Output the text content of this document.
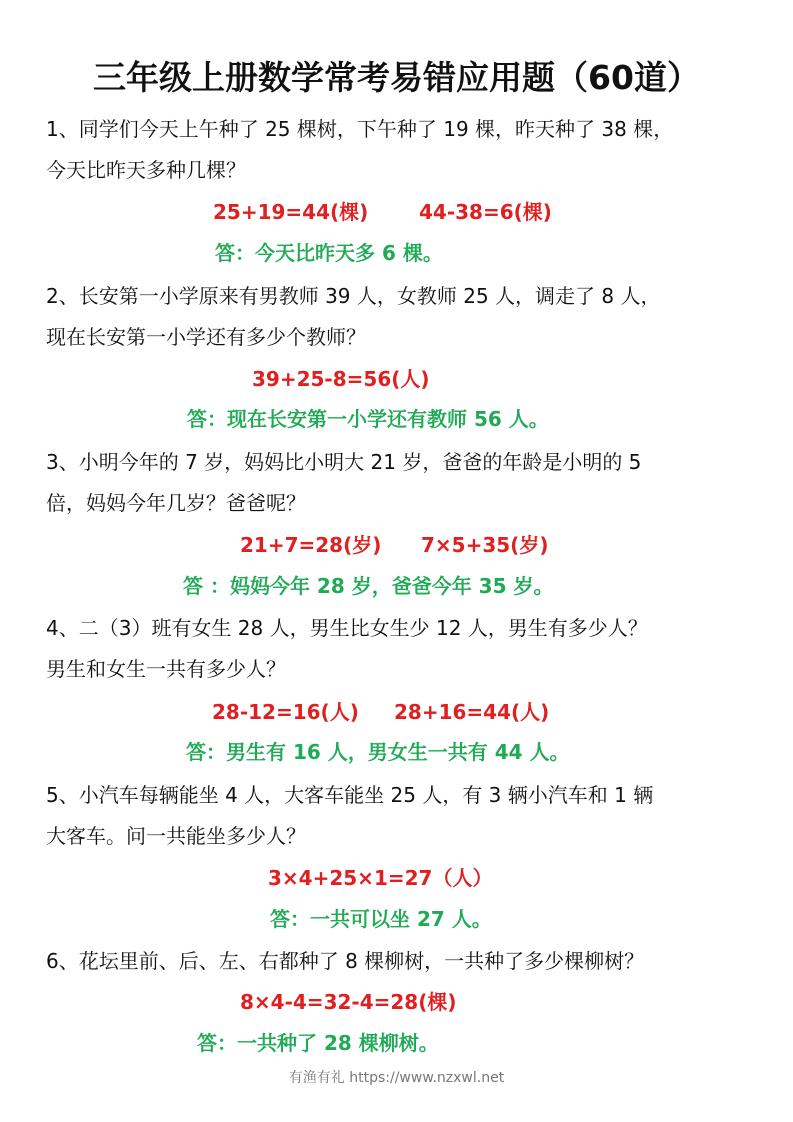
三年级上册数学常考易错应用题（60道）
1、同学们今天上午种了 25 棵树，下午种了 19 棵，昨天种了 38 棵，
今天比昨天多种几棵？
25+19=44(棵)	44-38=6(棵)
答：今天比昨天多 6 棵。
2、长安第一小学原来有男教师 39 人，女教师 25 人，调走了 8 人，
现在长安第一小学还有多少个教师？
39+25-8=56(人)
答：现在长安第一小学还有教师 56 人。
3、小明今年的 7 岁，妈妈比小明大 21 岁，爸爸的年龄是小明的 5
倍，妈妈今年几岁？爸爸呢？
21+7=28(岁) 7×5+35(岁)
答 ：妈妈今年 28 岁，爸爸今年 35 岁。
4、二（3）班有女生 28 人，男生比女生少 12 人，男生有多少人？
男生和女生一共有多少人？
28-12=16(人) 28+16=44(人)
答：男生有 16 人，男女生一共有 44 人。
5、小汽车每辆能坐 4 人，大客车能坐 25 人，有 3 辆小汽车和 1 辆
大客车。问一共能坐多少人？
3×4+25×1=27（人）
答：一共可以坐 27 人。
6、花坛里前、后、左、右都种了 8 棵柳树，一共种了多少棵柳树？
8×4-4=32-4=28(棵)
答：一共种了 28 棵柳树。
有渔有礼 https://www.nzxwl.net
